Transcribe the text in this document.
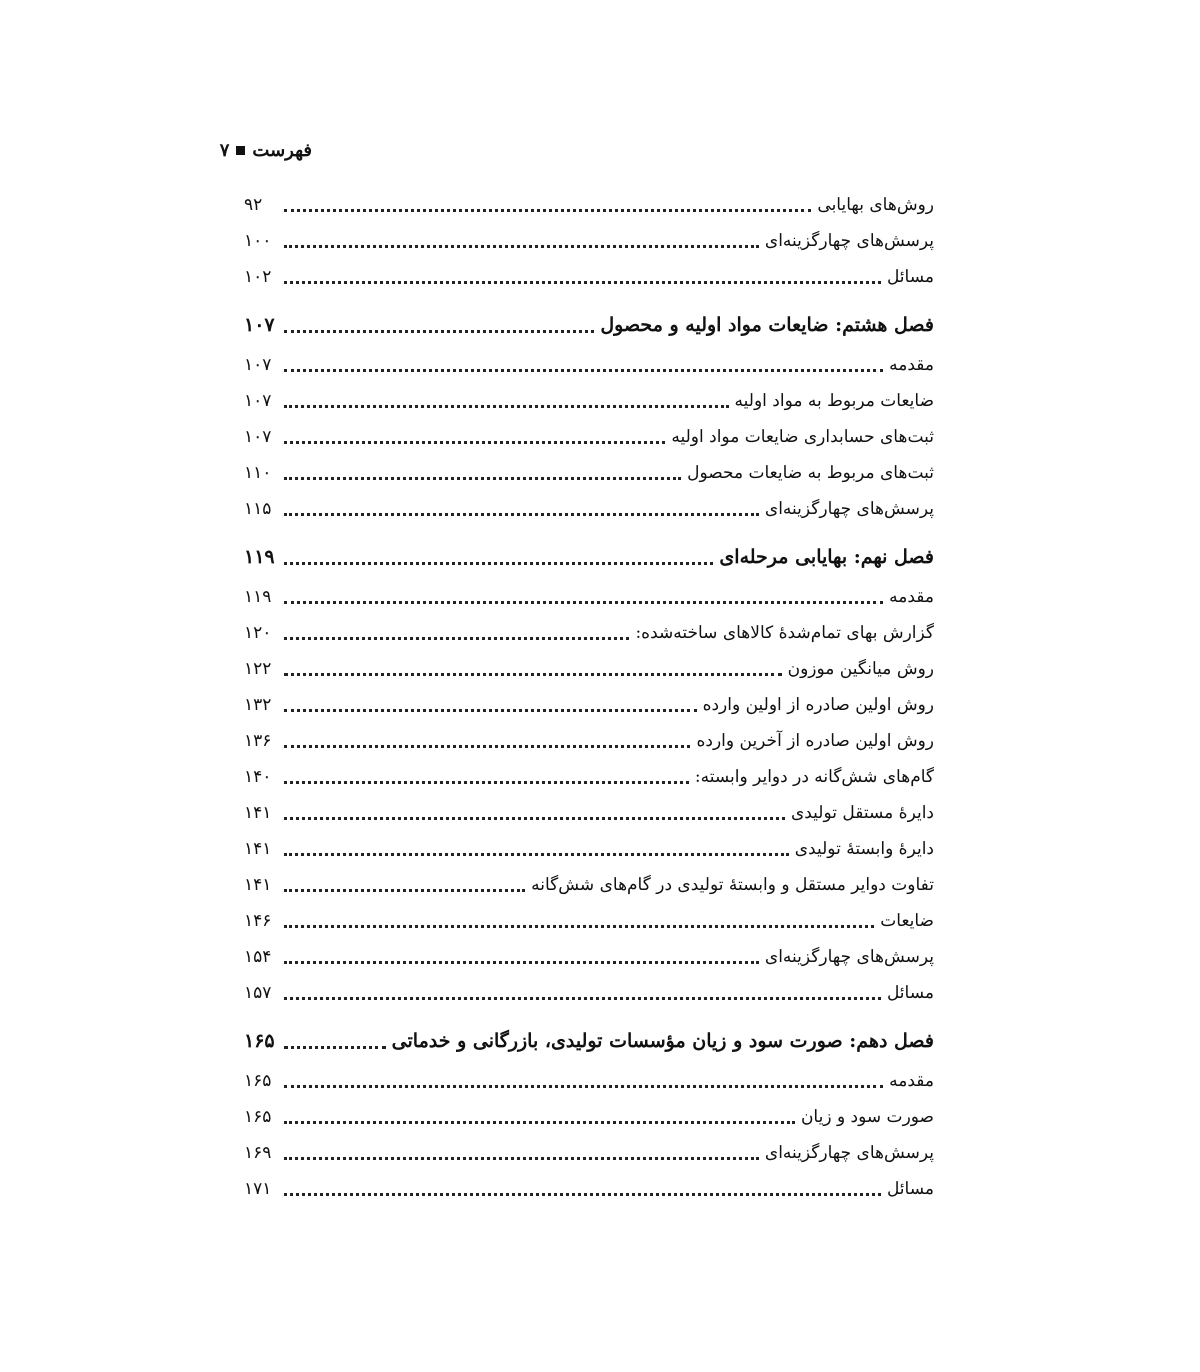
فهرست
۷
روش‌های بهایابی
۹۲
پرسش‌های چهارگزینه‌ای
۱۰۰
مسائل
۱۰۲
فصل هشتم: ضایعات مواد اولیه و محصول
۱۰۷
مقدمه
۱۰۷
ضایعات مربوط به مواد اولیه
۱۰۷
ثبت‌های حسابداری ضایعات مواد اولیه
۱۰۷
ثبت‌های مربوط به ضایعات محصول
۱۱۰
پرسش‌های چهارگزینه‌ای
۱۱۵
فصل نهم: بهایابی مرحله‌ای
۱۱۹
مقدمه
۱۱۹
گزارش بهای تمام‌شدهٔ کالاهای ساخته‌شده:
۱۲۰
روش میانگین موزون
۱۲۲
روش اولین صادره از اولین وارده
۱۳۲
روش اولین صادره از آخرین وارده
۱۳۶
گام‌های شش‌گانه در دوایر وابسته:
۱۴۰
دایرهٔ مستقل تولیدی
۱۴۱
دایرهٔ وابستهٔ تولیدی
۱۴۱
تفاوت دوایر مستقل و وابستهٔ تولیدی در گام‌های شش‌گانه
۱۴۱
ضایعات
۱۴۶
پرسش‌های چهارگزینه‌ای
۱۵۴
مسائل
۱۵۷
فصل دهم: صورت سود و زیان مؤسسات تولیدی، بازرگانی و خدماتی
۱۶۵
مقدمه
۱۶۵
صورت سود و زیان
۱۶۵
پرسش‌های چهارگزینه‌ای
۱۶۹
مسائل
۱۷۱
